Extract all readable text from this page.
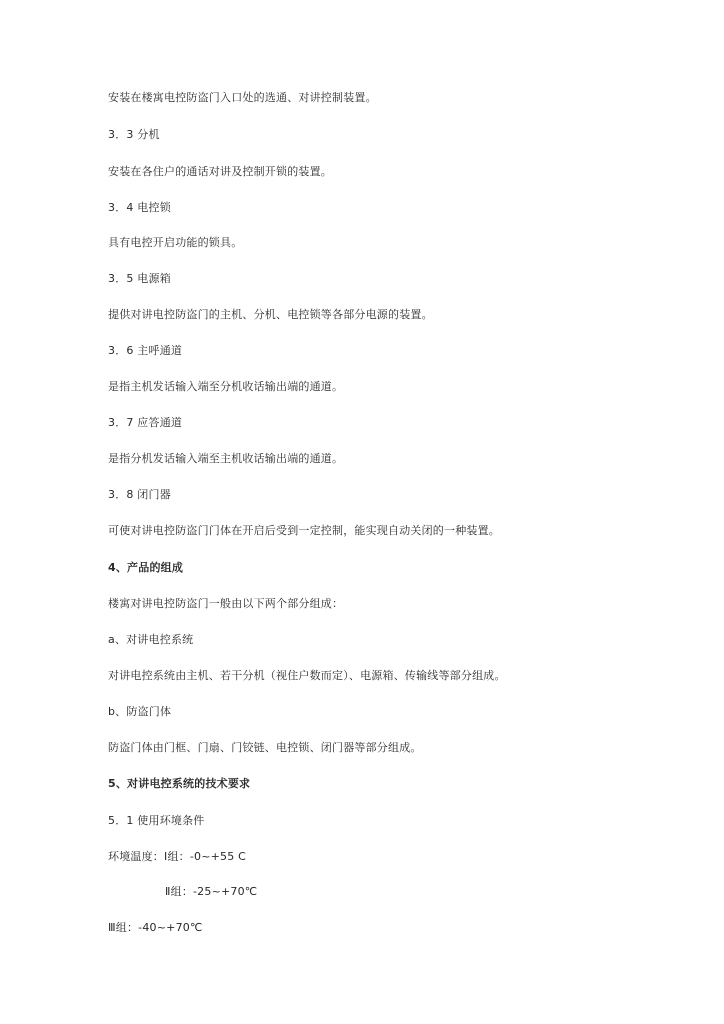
安装在楼寓电控防盗门入口处的选通、对讲控制装置。
3．3 分机
安装在各住户的通话对讲及控制开锁的装置。
3．4 电控锁
具有电控开启功能的锁具。
3．5 电源箱
提供对讲电控防盗门的主机、分机、电控锁等各部分电源的装置。
3．6 主呼通道
是指主机发话输入端至分机收话输出端的通道。
3．7 应答通道
是指分机发话输入端至主机收话输出端的通道。
3．8 闭门器
可使对讲电控防盗门门体在开启后受到一定控制，能实现自动关闭的一种装置。
4、产品的组成
楼寓对讲电控防盗门一般由以下两个部分组成：
a、对讲电控系统
对讲电控系统由主机、若干分机（视住户数而定）、电源箱、传输线等部分组成。
b、防盗门体
防盗门体由门框、门扇、门铰链、电控锁、闭门器等部分组成。
5、对讲电控系统的技术要求
5．1 使用环境条件
环境温度：Ⅰ组：-0~+55 C
Ⅱ组：-25~+70℃
Ⅲ组：-40~+70℃
